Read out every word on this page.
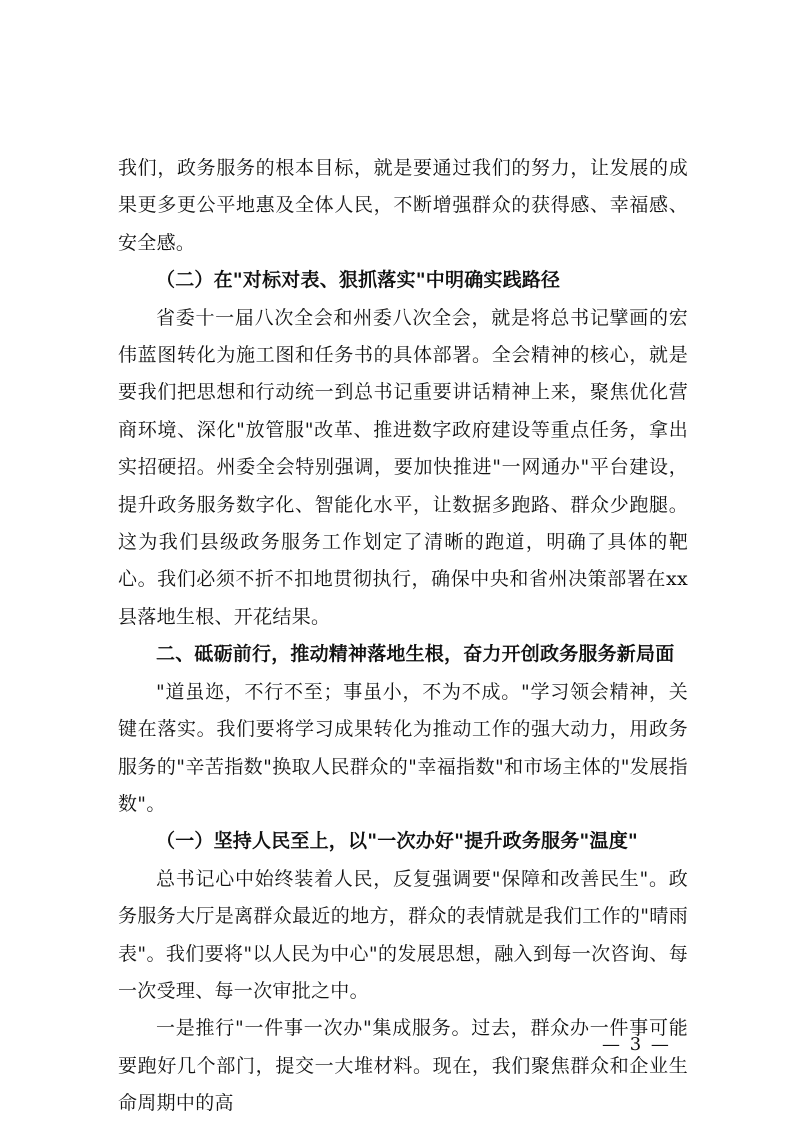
我们，政务服务的根本目标，就是要通过我们的努力，让发展的成果更多更公平地惠及全体人民，不断增强群众的获得感、幸福感、安全感。

（二）在"对标对表、狠抓落实"中明确实践路径

省委十一届八次全会和州委八次全会，就是将总书记擘画的宏伟蓝图转化为施工图和任务书的具体部署。全会精神的核心，就是要我们把思想和行动统一到总书记重要讲话精神上来，聚焦优化营商环境、深化"放管服"改革、推进数字政府建设等重点任务，拿出实招硬招。州委全会特别强调，要加快推进"一网通办"平台建设，提升政务服务数字化、智能化水平，让数据多跑路、群众少跑腿。这为我们县级政务服务工作划定了清晰的跑道，明确了具体的靶心。我们必须不折不扣地贯彻执行，确保中央和省州决策部署在xx县落地生根、开花结果。

二、砥砺前行，推动精神落地生根，奋力开创政务服务新局面

"道虽迩，不行不至；事虽小，不为不成。"学习领会精神，关键在落实。我们要将学习成果转化为推动工作的强大动力，用政务服务的"辛苦指数"换取人民群众的"幸福指数"和市场主体的"发展指数"。

（一）坚持人民至上，以"一次办好"提升政务服务"温度"

总书记心中始终装着人民，反复强调要"保障和改善民生"。政务服务大厅是离群众最近的地方，群众的表情就是我们工作的"晴雨表"。我们要将"以人民为中心"的发展思想，融入到每一次咨询、每一次受理、每一次审批之中。

一是推行"一件事一次办"集成服务。过去，群众办一件事可能要跑好几个部门，提交一大堆材料。现在，我们聚焦群众和企业生命周期中的高

— 3 —
